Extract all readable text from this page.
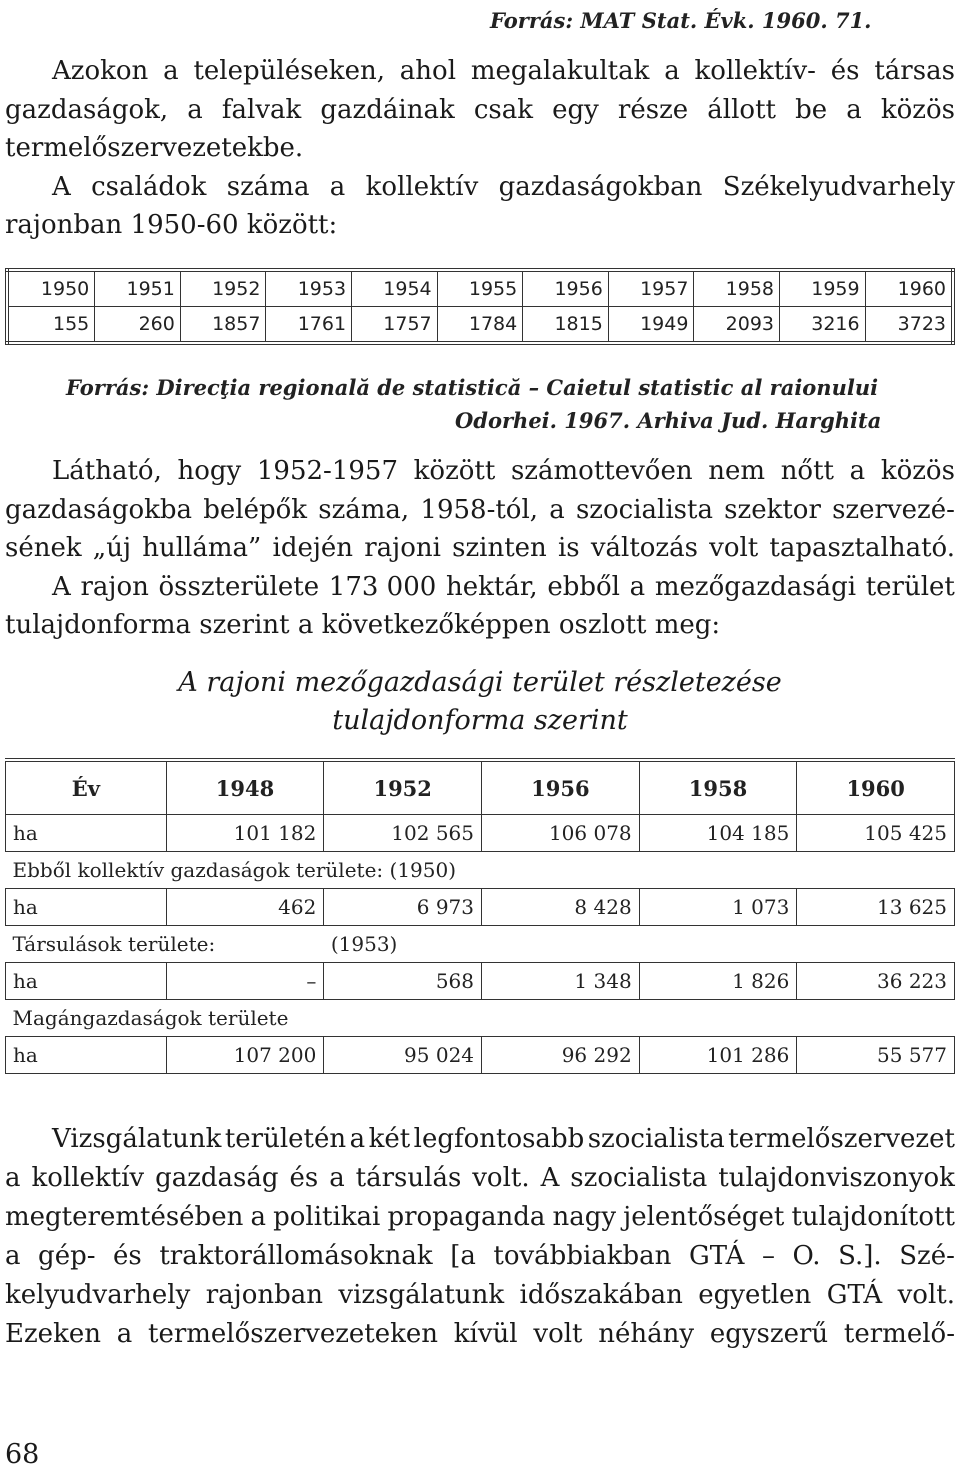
Forrás: MAT Stat. Évk. 1960. 71.
Azokon a településeken, ahol megalakultak a kollektív- és társas
gazdaságok, a falvak gazdáinak csak egy része állott be a közös
termelőszervezetekbe.
A családok száma a kollektív gazdaságokban Székelyudvarhely
rajonban 1950-60 között:
1950	1951	1952	1953	1954	1955	1956	1957	1958	1959	1960
155	260	1857	1761	1757	1784	1815	1949	2093	3216	3723
Forrás: Direcţia regională de statistică – Caietul statistic al raionului
Odorhei. 1967. Arhiva Jud. Harghita
Látható, hogy 1952-1957 között számottevően nem nőtt a közös
gazdaságokba belépők száma, 1958-tól, a szocialista szektor szervezé-
sének „új hulláma” idején rajoni szinten is változás volt tapasztalható.
A rajon összterülete 173 000 hektár, ebből a mezőgazdasági terület
tulajdonforma szerint a következőképpen oszlott meg:
A rajoni mezőgazdasági terület részletezése
tulajdonforma szerint
Év	1948	1952	1956	1958	1960
ha	101 182	102 565	106 078	104 185	105 425
Ebből kollektív gazdaságok területe: (1950)					
ha	462	6 973	8 428	1 073	13 625
Társulások területe:		(1953)			
ha	–	568	1 348	1 826	36 223
Magángazdaságok területe					
ha	107 200	95 024	96 292	101 286	55 577
Vizsgálatunk területén a két legfontosabb szocialista termelőszervezet
a kollektív gazdaság és a társulás volt. A szocialista tulajdonviszonyok
megteremtésében a politikai propaganda nagy jelentőséget tulajdonított
a gép- és traktorállomásoknak [a továbbiakban GTÁ – O. S.]. Szé-
kelyudvarhely rajonban vizsgálatunk időszakában egyetlen GTÁ volt.
Ezeken a termelőszervezeteken kívül volt néhány egyszerű termelő-
68
